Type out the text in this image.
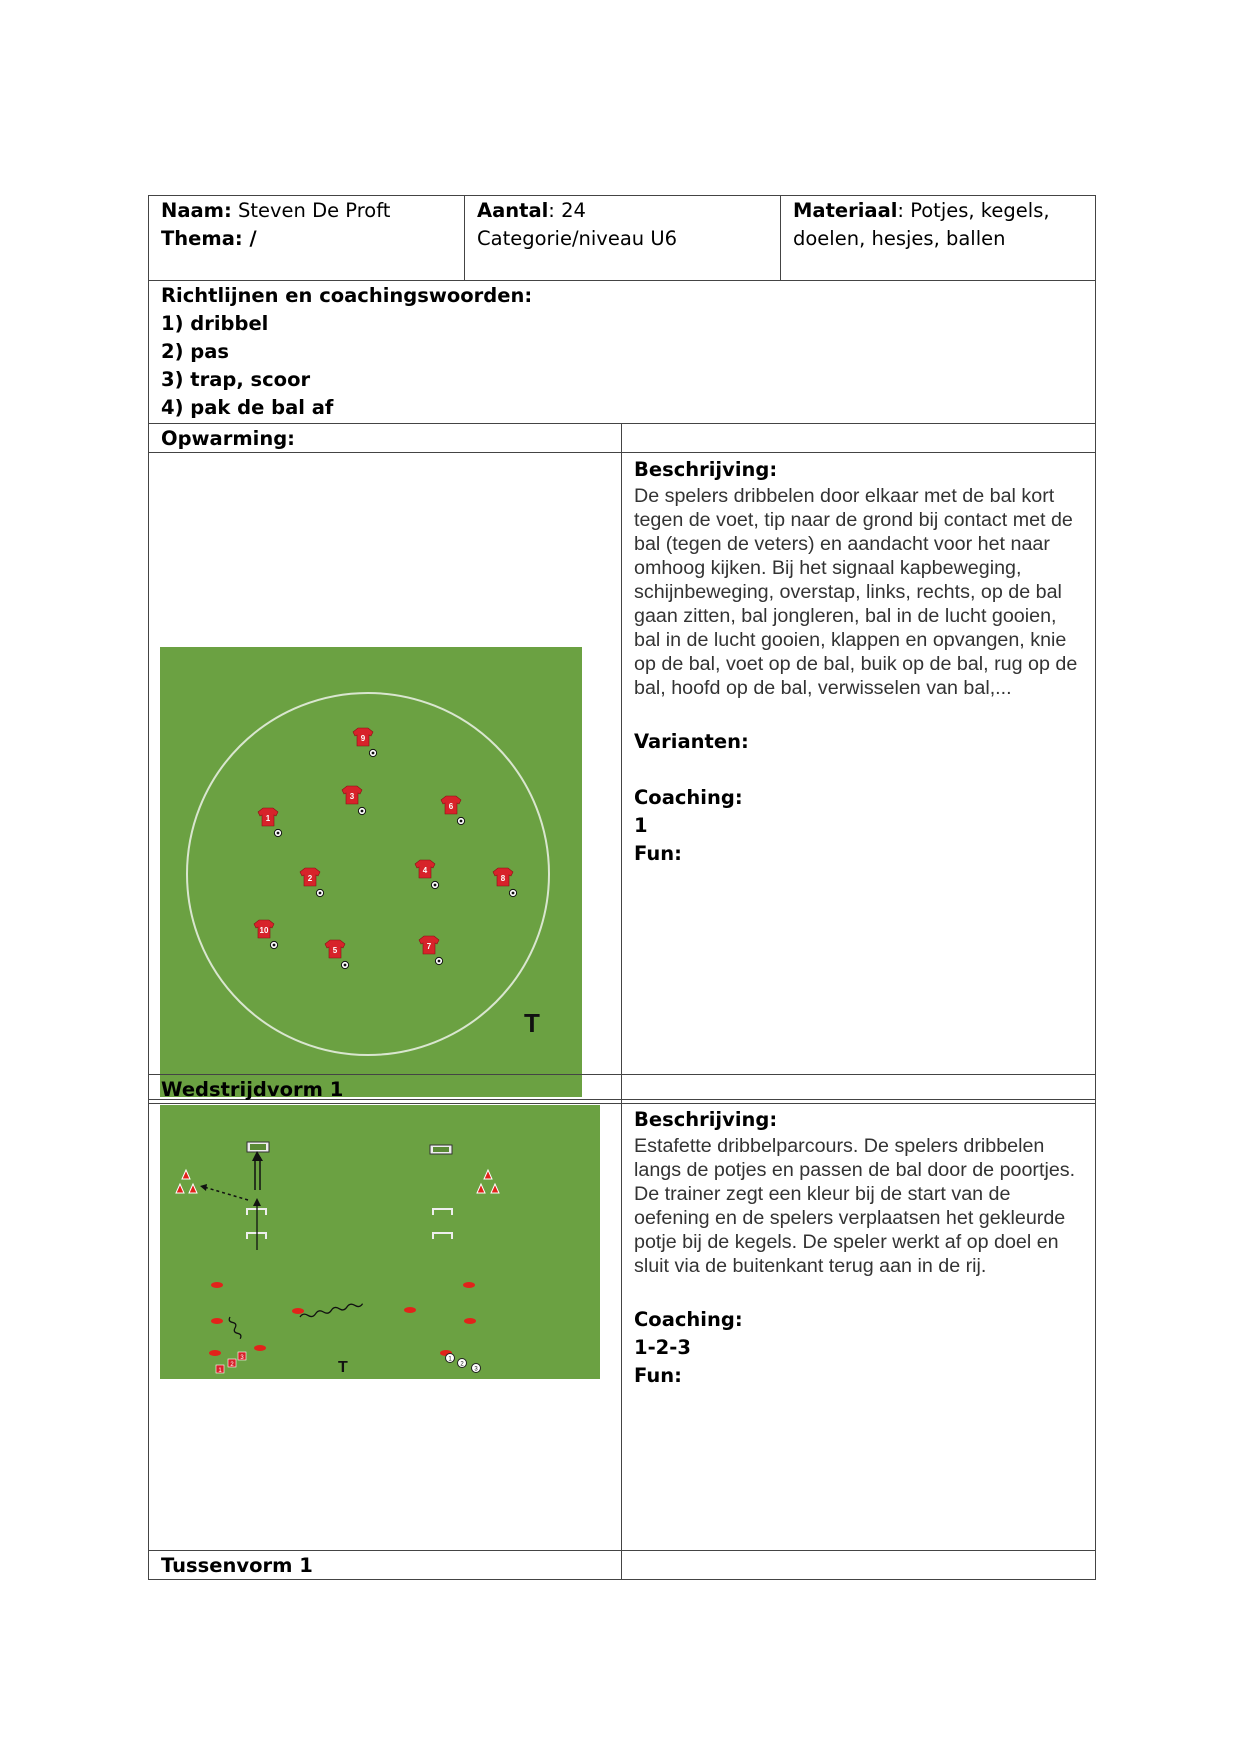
Naam: Steven De Proft
Thema: /
Aantal: 24
Categorie/niveau U6
Materiaal: Potjes, kegels, doelen, hesjes, ballen
Richtlijnen en coachingswoorden:
1) dribbel
2) pas
3) trap, scoor
4) pak de bal af
Opwarming:
9
3
6
1
4
2	8
10
5	7
T
Beschrijving:
De spelers dribbelen door elkaar met de bal kort tegen de voet, tip naar de grond bij contact met de bal (tegen de veters) en aandacht voor het naar omhoog kijken. Bij het signaal kapbeweging, schijnbeweging, overstap, links, rechts, op de bal gaan zitten, bal jongleren, bal in de lucht gooien, bal in de lucht gooien, klappen en opvangen, knie op de bal, voet op de bal, buik op de bal, rug op de bal, hoofd op de bal, verwisselen van bal,...
Varianten:
Coaching:
1
Fun:
Wedstrijdvorm 1
1
2
3	1
2
3
T
Beschrijving:
Estafette dribbelparcours. De spelers dribbelen langs de potjes en passen de bal door de poortjes. De trainer zegt een kleur bij de start van de oefening en de spelers verplaatsen het gekleurde potje bij de kegels. De speler werkt af op doel en sluit via de buitenkant terug aan in de rij.
Coaching:
1-2-3
Fun:
Tussenvorm 1
